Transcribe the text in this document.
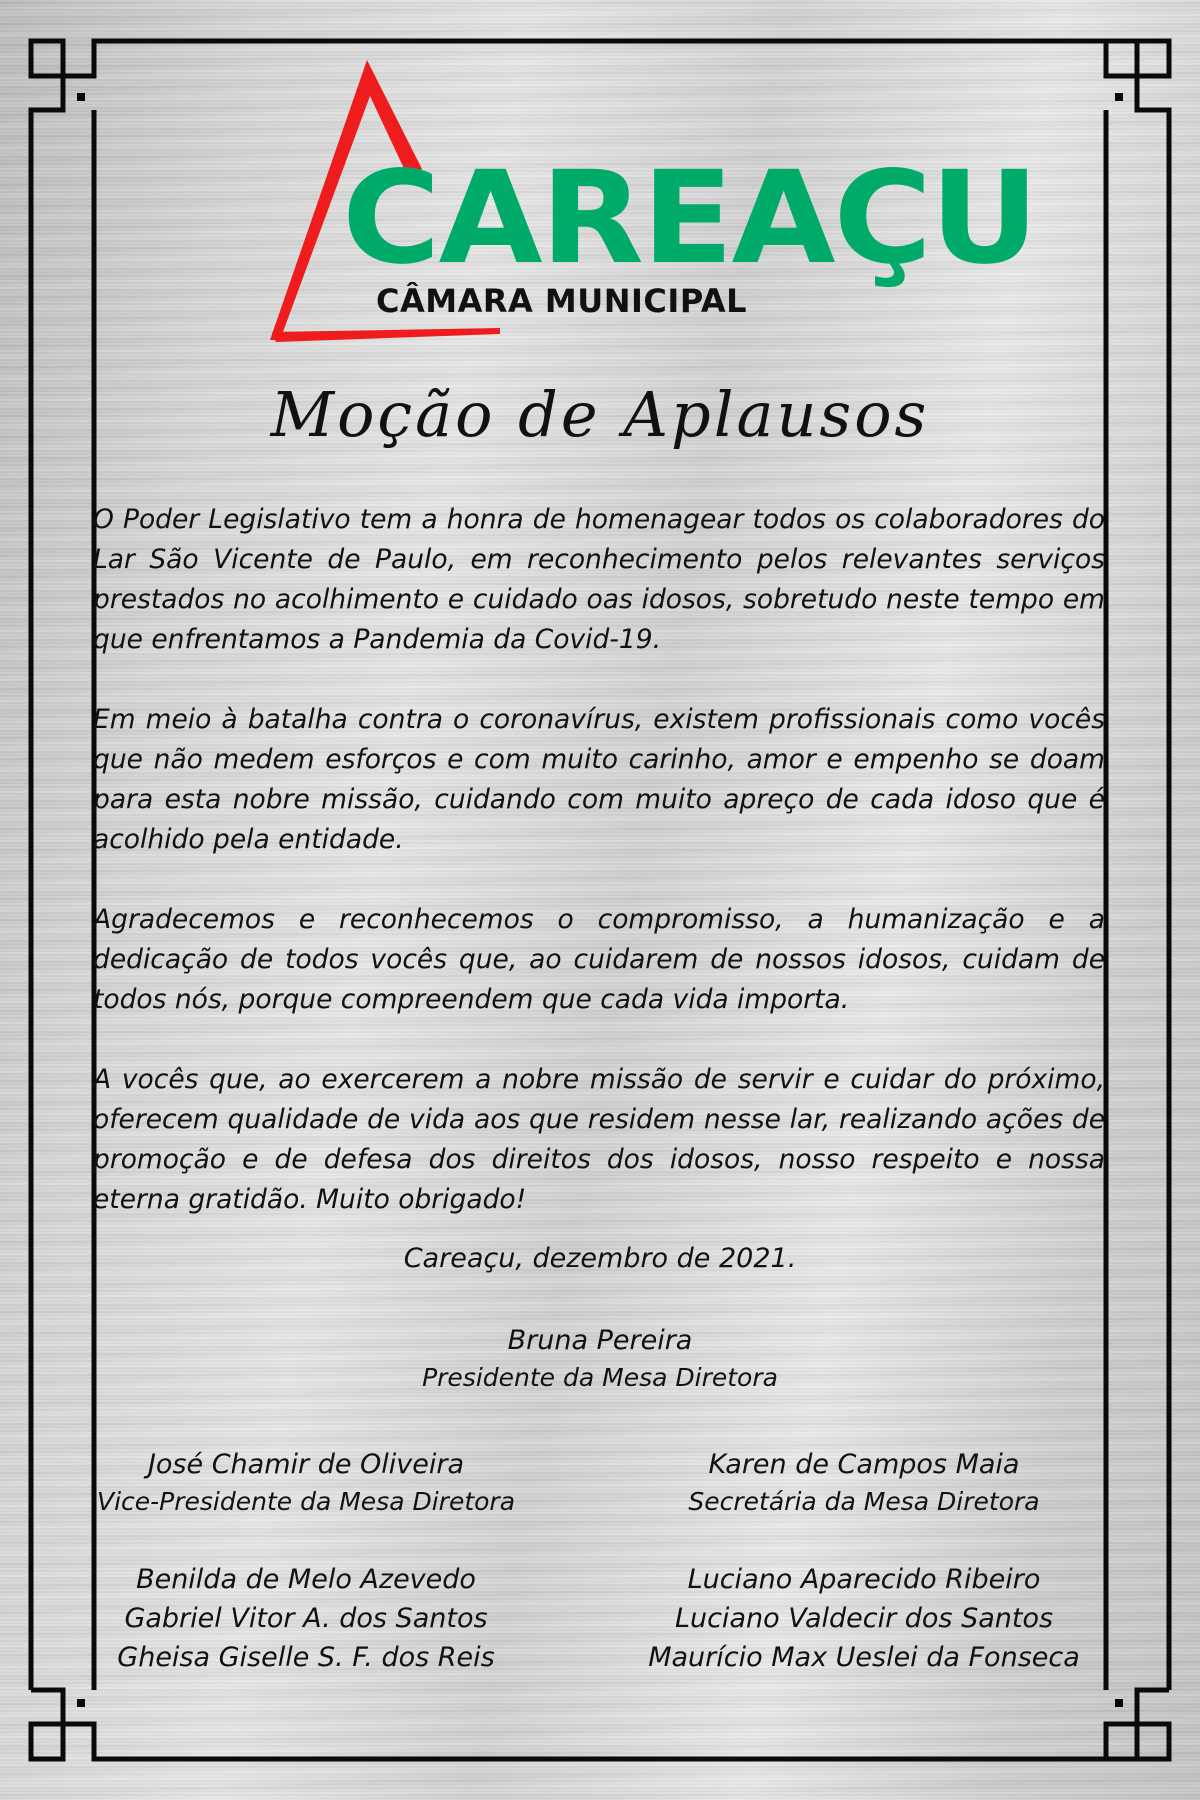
CAREAÇU
CÂMARA MUNICIPAL
Moção de Aplausos

O Poder Legislativo tem a honra de homenagear todos os colaboradores do Lar São Vicente de Paulo, em reconhecimento pelos relevantes serviços prestados no acolhimento e cuidado oas idosos, sobretudo neste tempo em que enfrentamos a Pandemia da Covid-19.

Em meio à batalha contra o coronavírus, existem profissionais como vocês que não medem esforços e com muito carinho, amor e empenho se doam para esta nobre missão, cuidando com muito apreço de cada idoso que é acolhido pela entidade.

Agradecemos e reconhecemos o compromisso, a humanização e a dedicação de todos vocês que, ao cuidarem de nossos idosos, cuidam de todos nós, porque compreendem que cada vida importa.

A vocês que, ao exercerem a nobre missão de servir e cuidar do próximo, oferecem qualidade de vida aos que residem nesse lar, realizando ações de promoção e de defesa dos direitos dos idosos, nosso respeito e nossa eterna gratidão. Muito obrigado!

Careaçu, dezembro de 2021.
Bruna Pereira
Presidente da Mesa Diretora
José Chamir de Oliveira
Vice-Presidente da Mesa Diretora
Karen de Campos Maia
Secretária da Mesa Diretora
Benilda de Melo Azevedo
Gabriel Vitor A. dos Santos
Gheisa Giselle S. F. dos Reis
Luciano Aparecido Ribeiro
Luciano Valdecir dos Santos
Maurício Max Ueslei da Fonseca
